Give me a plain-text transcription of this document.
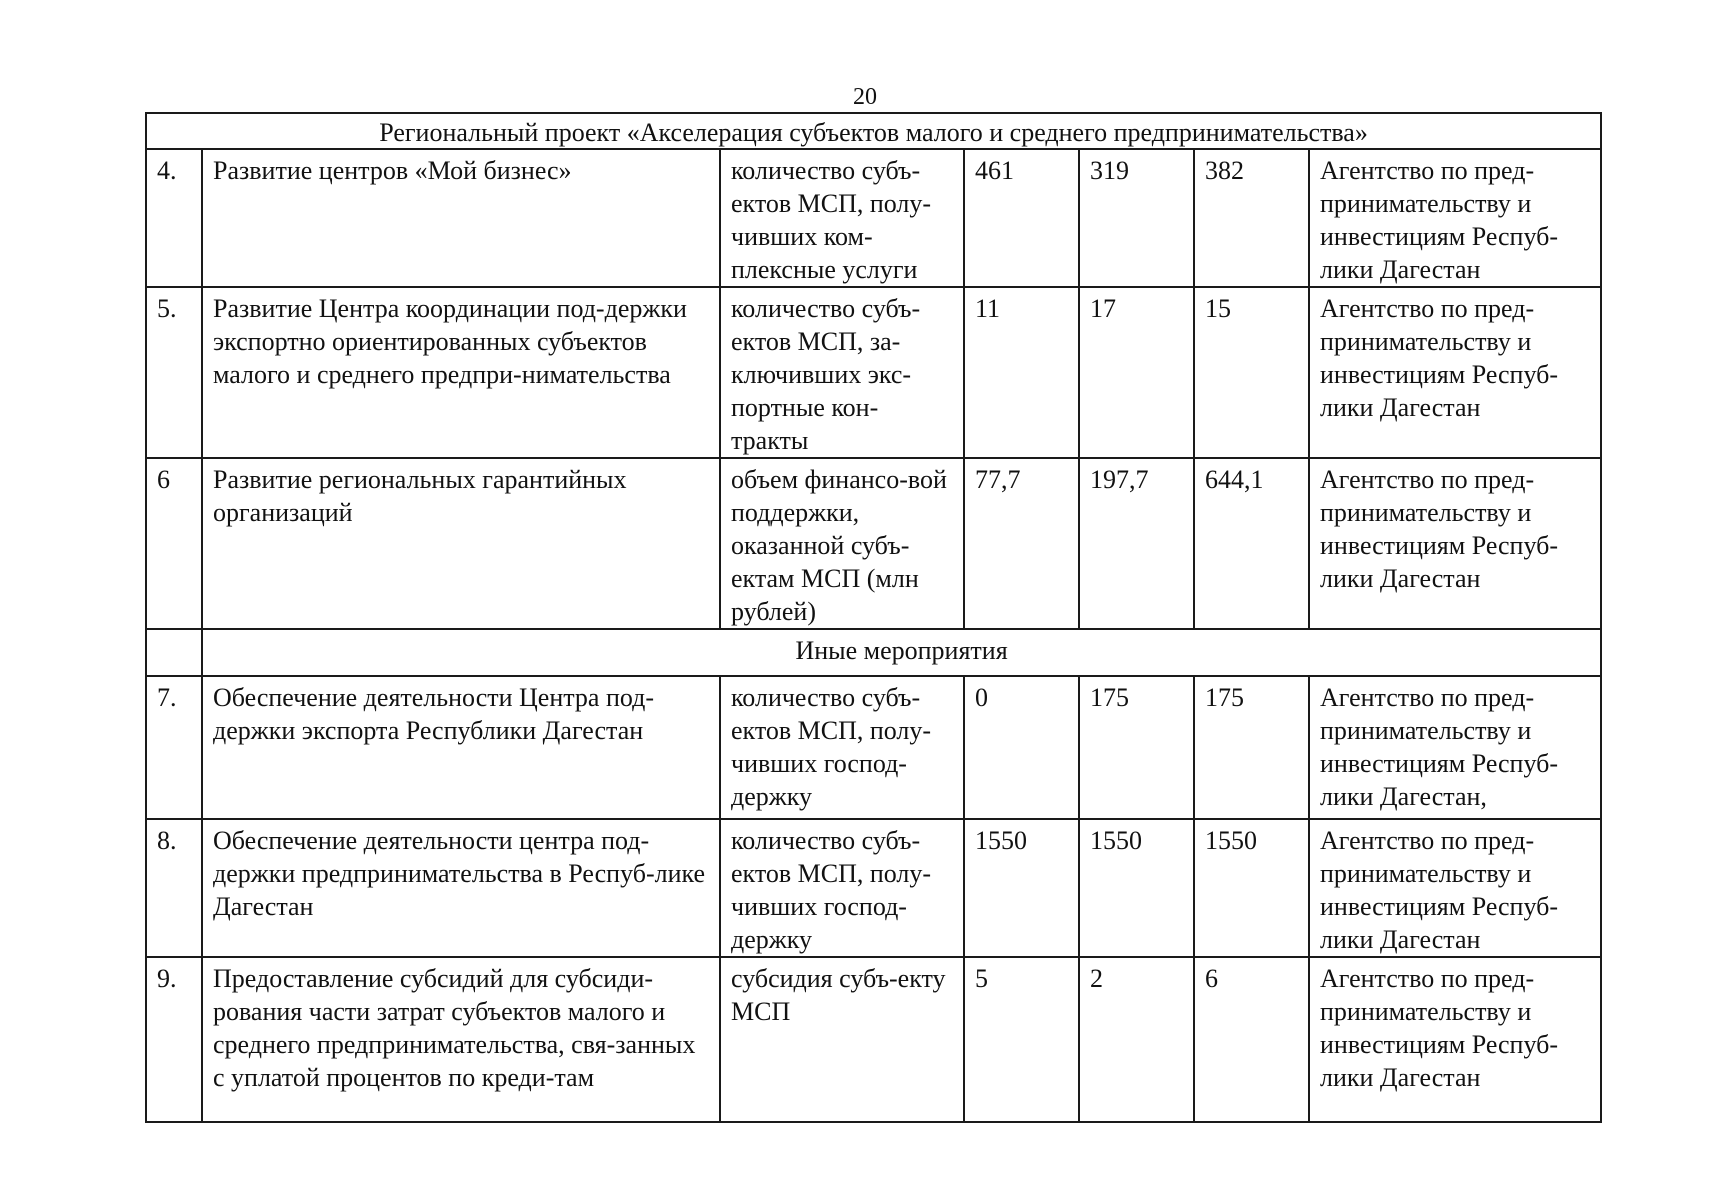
20
Региональный проект «Акселерация субъектов малого и среднего предпринимательства»						
4.	Развитие центров «Мой бизнес»	количество субъ-ектов МСП, полу-чивших ком-плексные услуги	461	319	382	Агентство по пред-принимательству и инвестициям Респуб-лики Дагестан
5.	Развитие Центра координации под-держки экспортно ориентированных субъектов малого и среднего предпри-нимательства	количество субъ-ектов МСП, за-ключивших экс-портные кон-тракты	11	17	15	Агентство по пред-принимательству и инвестициям Респуб-лики Дагестан
6	Развитие региональных гарантийных организаций	объем финансо-вой поддержки, оказанной субъ-ектам МСП (млн рублей)	77,7	197,7	644,1	Агентство по пред-принимательству и инвестициям Респуб-лики Дагестан
	Иные мероприятия					
7.	Обеспечение деятельности Центра под-держки экспорта Республики Дагестан	количество субъ-ектов МСП, полу-чивших господ-держку	0	175	175	Агентство по пред-принимательству и инвестициям Респуб-лики Дагестан,
8.	Обеспечение деятельности центра под-держки предпринимательства в Респуб-лике Дагестан	количество субъ-ектов МСП, полу-чивших господ-держку	1550	1550	1550	Агентство по пред-принимательству и инвестициям Респуб-лики Дагестан
9.	Предоставление субсидий для субсиди-рования части затрат субъектов малого и среднего предпринимательства, свя-занных с уплатой процентов по креди-там	субсидия субъ-екту МСП	5	2	6	Агентство по пред-принимательству и инвестициям Респуб-лики Дагестан
